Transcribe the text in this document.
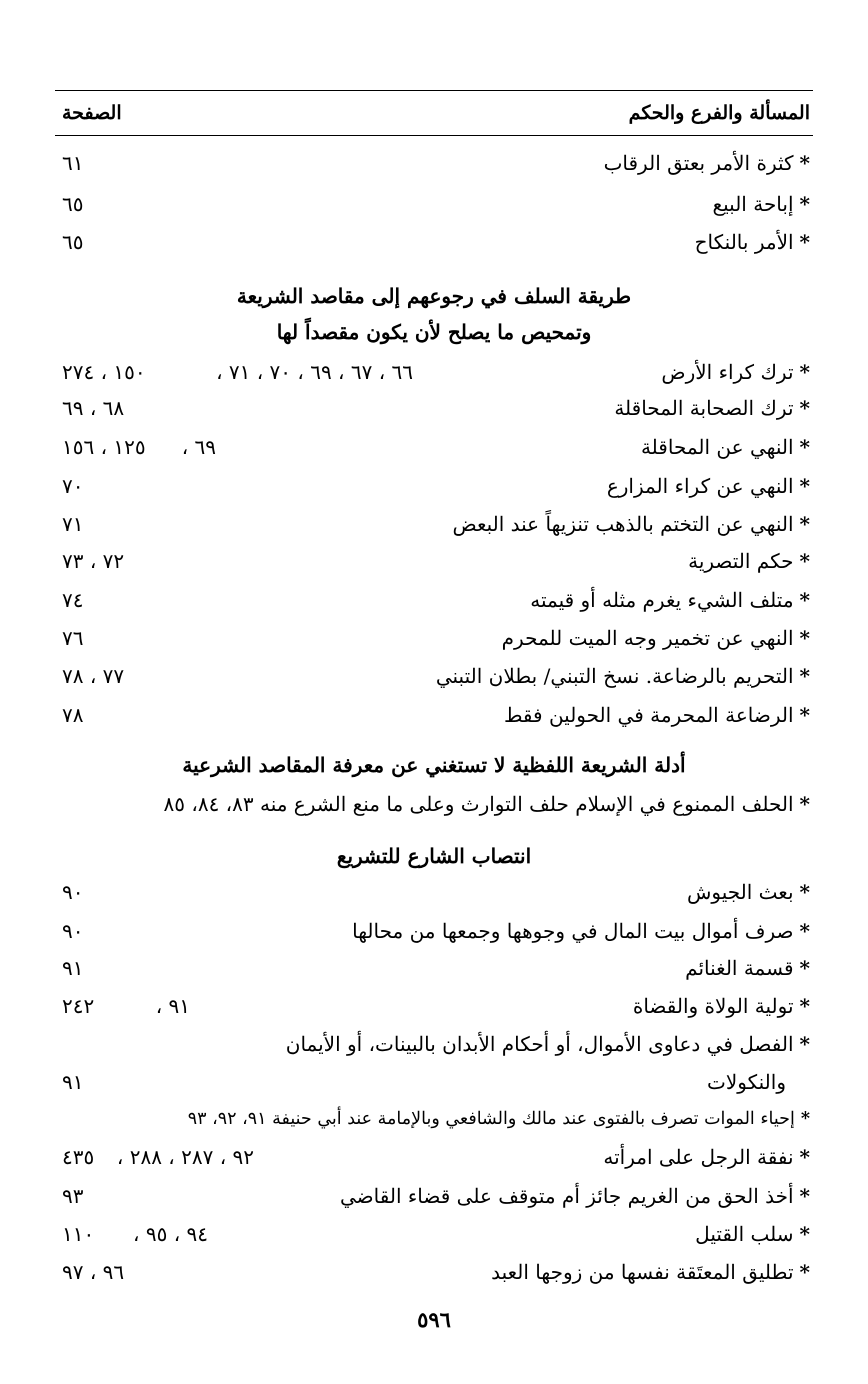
المسألة والفرع والحكم
الصفحة
*كثرة الأمر بعتق الرقاب
٦١
*إباحة البيع
٦٥
*الأمر بالنكاح
٦٥
طريقة السلف في رجوعهم إلى مقاصد الشريعة
وتمحيص ما يصلح لأن يكون مقصداً لها
*ترك كراء الأرض
٦٦ ، ٦٧ ، ٦٩ ، ٧٠ ، ٧١ ،
١٥٠ ، ٢٧٤
*ترك الصحابة المحاقلة
٦٨ ، ٦٩
*النهي عن المحاقلة
٦٩ ،
١٢٥ ، ١٥٦
*النهي عن كراء المزارع
٧٠
*النهي عن التختم بالذهب تنزيهاً عند البعض
٧١
*حكم التصرية
٧٢ ، ٧٣
*متلف الشيء يغرم مثله أو قيمته
٧٤
*النهي عن تخمير وجه الميت للمحرم
٧٦
*التحريم بالرضاعة. نسخ التبني/ بطلان التبني
٧٧ ، ٧٨
*الرضاعة المحرمة في الحولين فقط
٧٨
أدلة الشريعة اللفظية لا تستغني عن معرفة المقاصد الشرعية
*الحلف الممنوع في الإسلام حلف التوارث وعلى ما منع الشرع منه ٨٣، ٨٤، ٨٥
انتصاب الشارع للتشريع
*بعث الجيوش
٩٠
*صرف أموال بيت المال في وجوهها وجمعها من محالها
٩٠
*قسمة الغنائم
٩١
*تولية الولاة والقضاة
٩١ ،
٢٤٢
*الفصل في دعاوى الأموال، أو أحكام الأبدان بالبينات، أو الأيمان
والنكولات
٩١
*إحياء الموات تصرف بالفتوى عند مالك والشافعي وبالإمامة عند أبي حنيفة ٩١، ٩٢، ٩٣
*نفقة الرجل على امرأته
٩٢ ، ٢٨٧ ، ٢٨٨ ،
٤٣٥
*أخذ الحق من الغريم جائز أم متوقف على قضاء القاضي
٩٣
*سلب القتيل
٩٤ ، ٩٥ ،
١١٠
*تطليق المعتَقة نفسها من زوجها العبد
٩٦ ، ٩٧
٥٩٦
